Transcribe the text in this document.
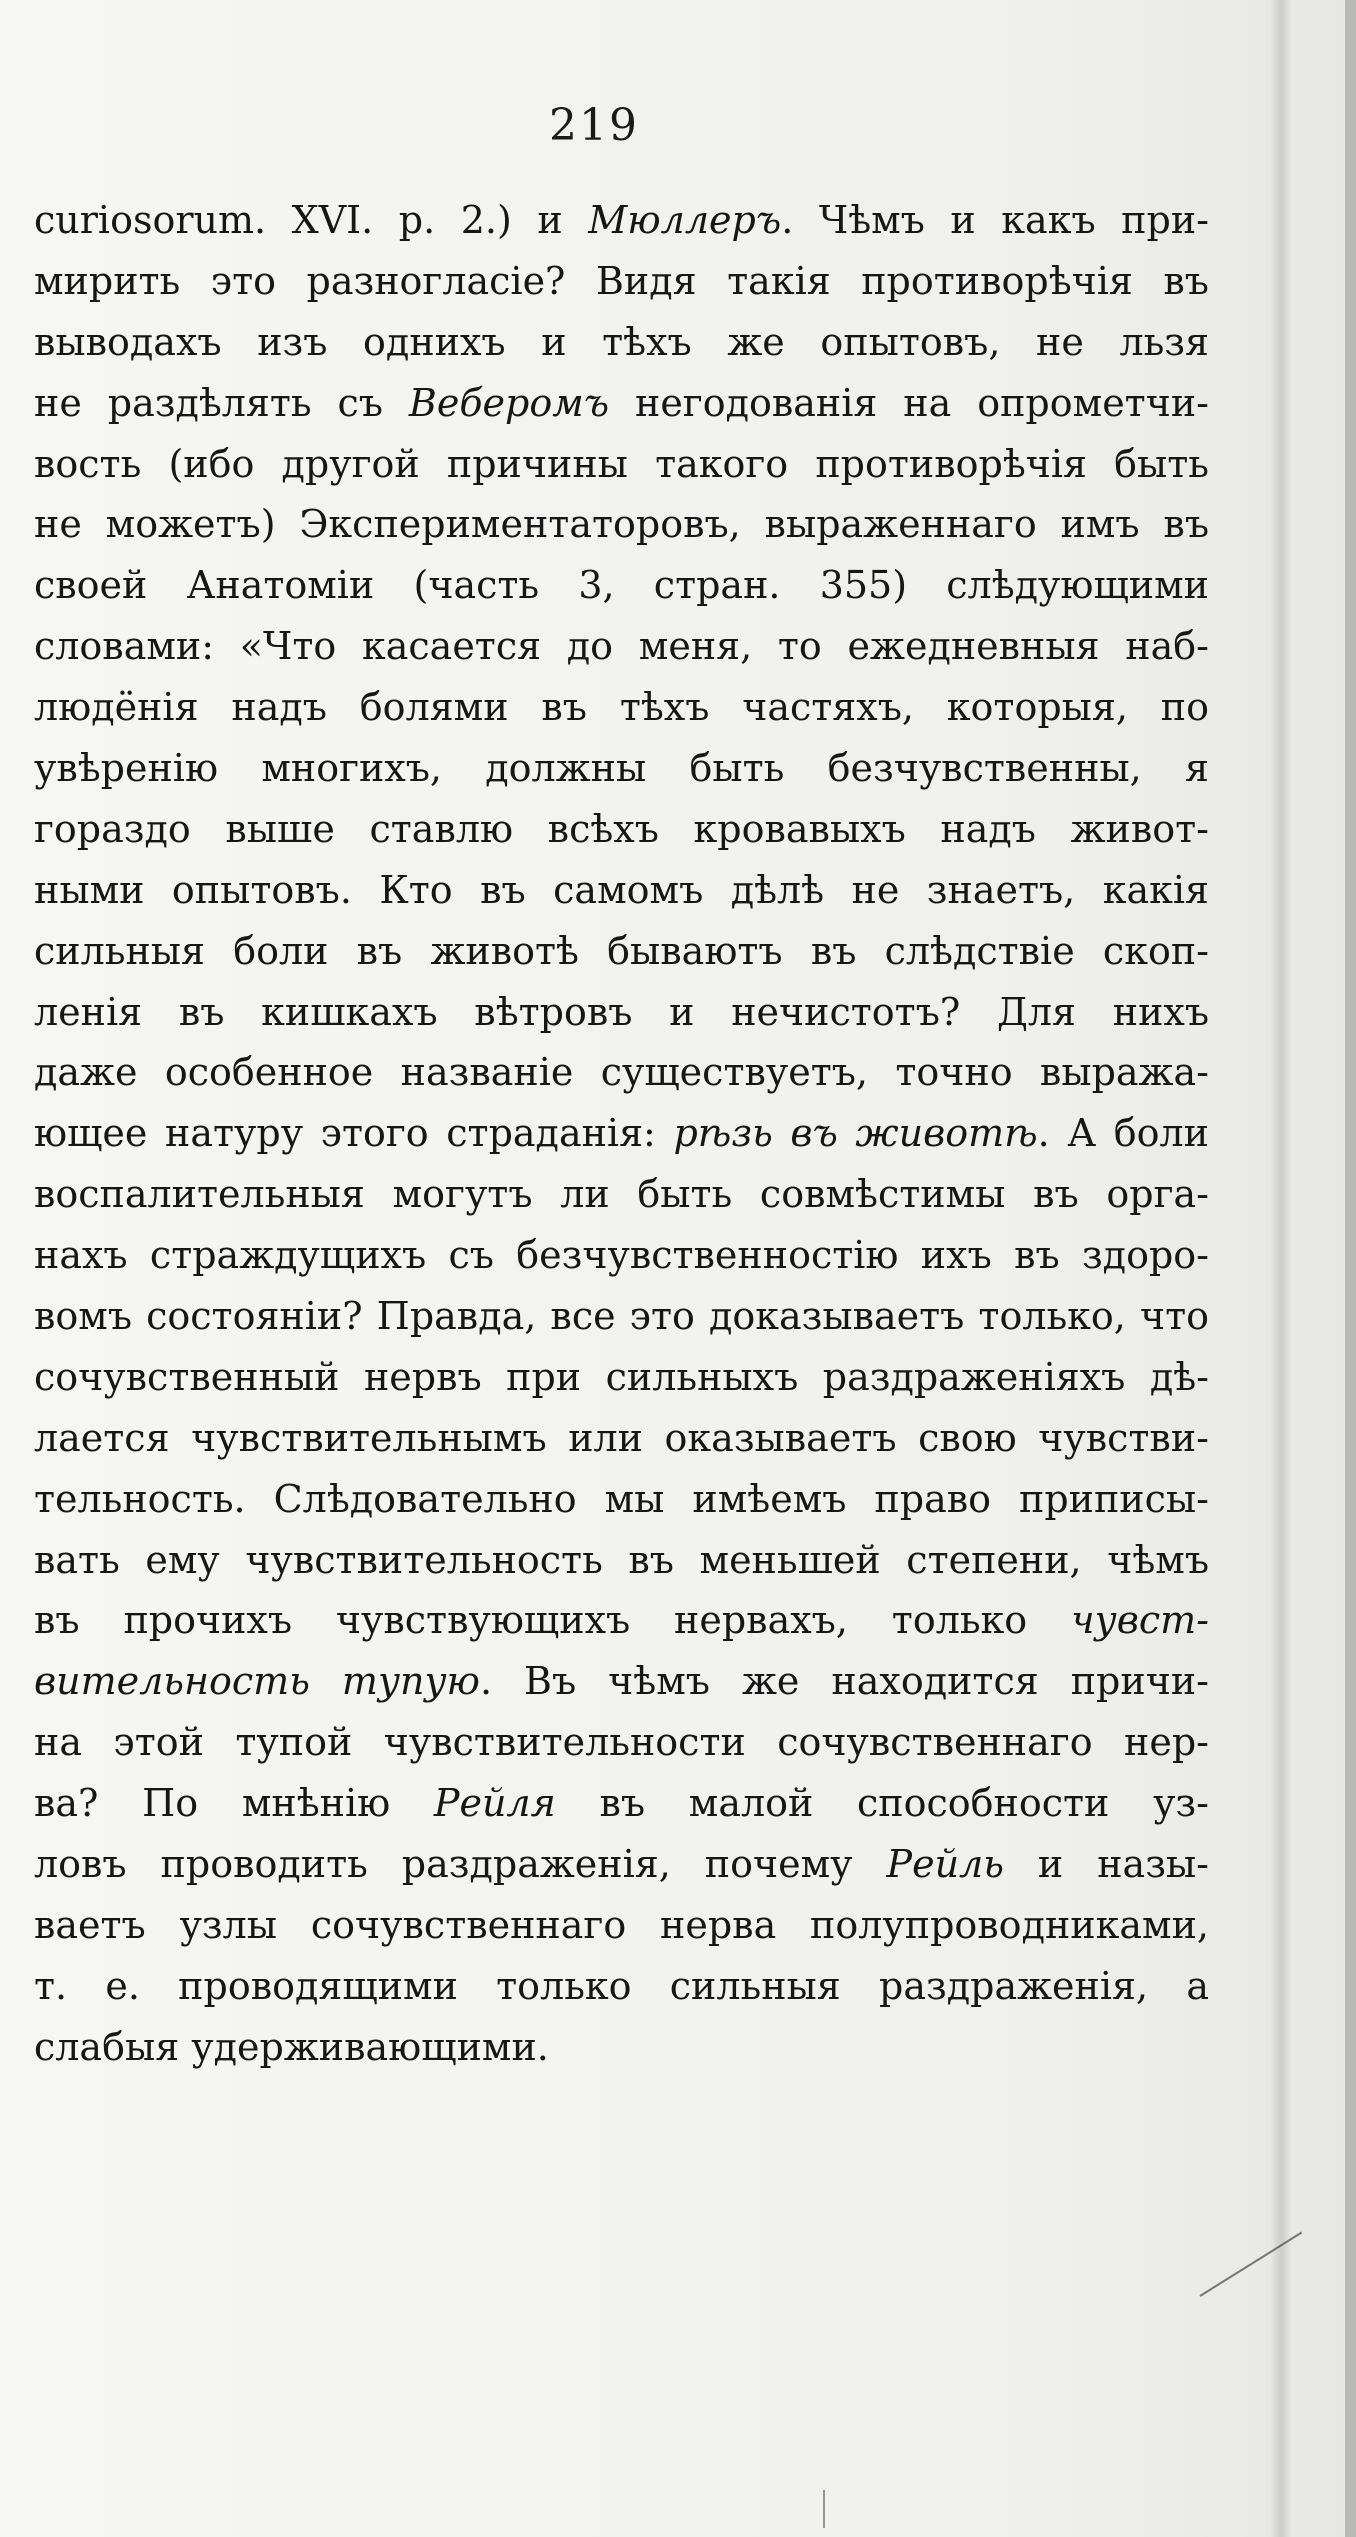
219
curiosorum. XVI. p. 2.) и Мюллеръ. Чѣмъ и какъ при-
мирить это разногласіе? Видя такія противорѣчія въ
выводахъ изъ однихъ и тѣхъ же опытовъ, не льзя
не раздѣлять съ Веберомъ негодованія на опрометчи-
вость (ибо другой причины такого противорѣчія быть
не можетъ) Экспериментаторовъ, выраженнаго имъ въ
своей Анатоміи (часть 3, стран. 355) слѣдующими
словами: «Что касается до меня, то ежедневныя наб-
людёнія надъ болями въ тѣхъ частяхъ, которыя, по
увѣренію многихъ, должны быть безчувственны, я
гораздо выше ставлю всѣхъ кровавыхъ надъ живот-
ными опытовъ. Кто въ самомъ дѣлѣ не знаетъ, какія
сильныя боли въ животѣ бываютъ въ слѣдствіе скоп-
ленія въ кишкахъ вѣтровъ и нечистотъ? Для нихъ
даже особенное названіе существуетъ, точно выража-
ющее натуру этого страданія: рѣзь въ животѣ. А боли
воспалительныя могутъ ли быть совмѣстимы въ орга-
нахъ страждущихъ съ безчувственностію ихъ въ здоро-
вомъ состояніи? Правда, все это доказываетъ только, что
сочувственный нервъ при сильныхъ раздраженіяхъ дѣ-
лается чувствительнымъ или оказываетъ свою чувстви-
тельность. Слѣдовательно мы имѣемъ право приписы-
вать ему чувствительность въ меньшей степени, чѣмъ
въ прочихъ чувствующихъ нервахъ, только чувст-
вительность тупую. Въ чѣмъ же находится причи-
на этой тупой чувствительности сочувственнаго нер-
ва? По мнѣнію Рейля въ малой способности уз-
ловъ проводить раздраженія, почему Рейль и назы-
ваетъ узлы сочувственнаго нерва полупроводниками,
т. е. проводящими только сильныя раздраженія, а
слабыя удерживающими.
